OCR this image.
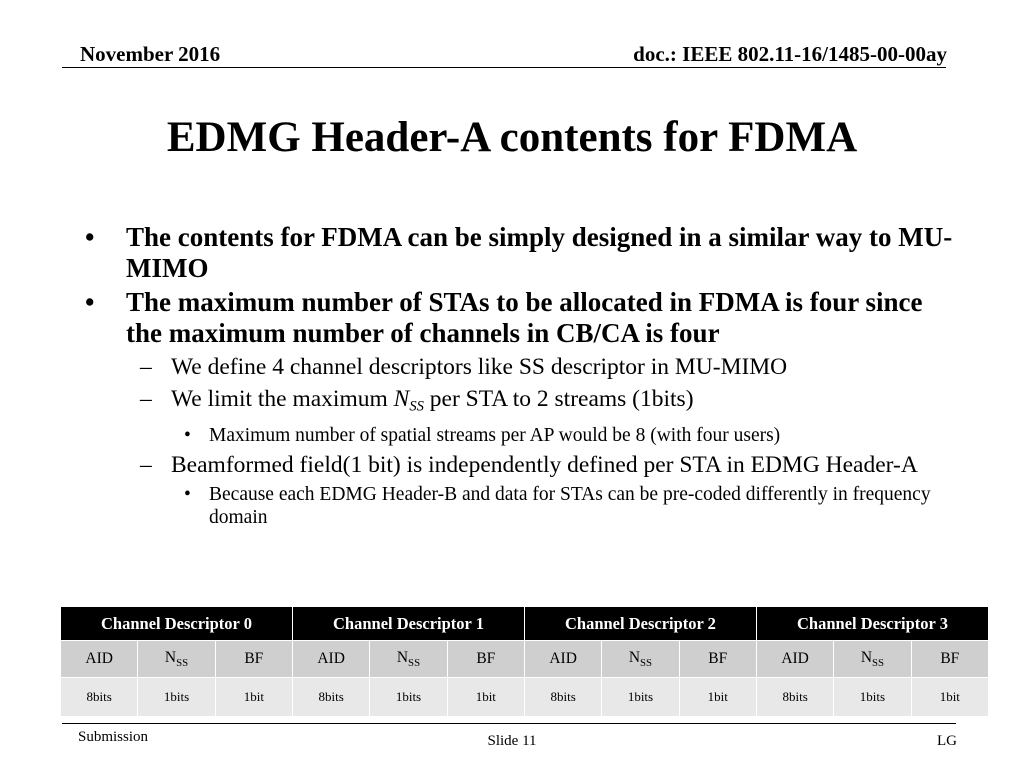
November 2016	doc.: IEEE 802.11-16/1485-00-00ay
EDMG Header-A contents for FDMA
• The contents for FDMA can be simply designed in a similar way to MU-MIMO
• The maximum number of STAs to be allocated in FDMA is four since the maximum number of channels in CB/CA is four
– We define 4 channel descriptors like SS descriptor in MU-MIMO
– We limit the maximum $N_{SS}$ per STA to 2 streams (1bits)
• Maximum number of spatial streams per AP would be 8 (with four users)
– Beamformed field(1 bit) is independently defined per STA in EDMG Header-A
• Because each EDMG Header-B and data for STAs can be pre-coded differently in frequency domain
Channel Descriptor 0			Channel Descriptor 1			Channel Descriptor 2			Channel Descriptor 3		
AID	$N_{SS}$	BF	AID	$N_{SS}$	BF	AID	$N_{SS}$	BF	AID	$N_{SS}$	BF
8bits	1bits	1bit	8bits	1bits	1bit	8bits	1bits	1bit	8bits	1bits	1bit
Submission	Slide 11	LG
